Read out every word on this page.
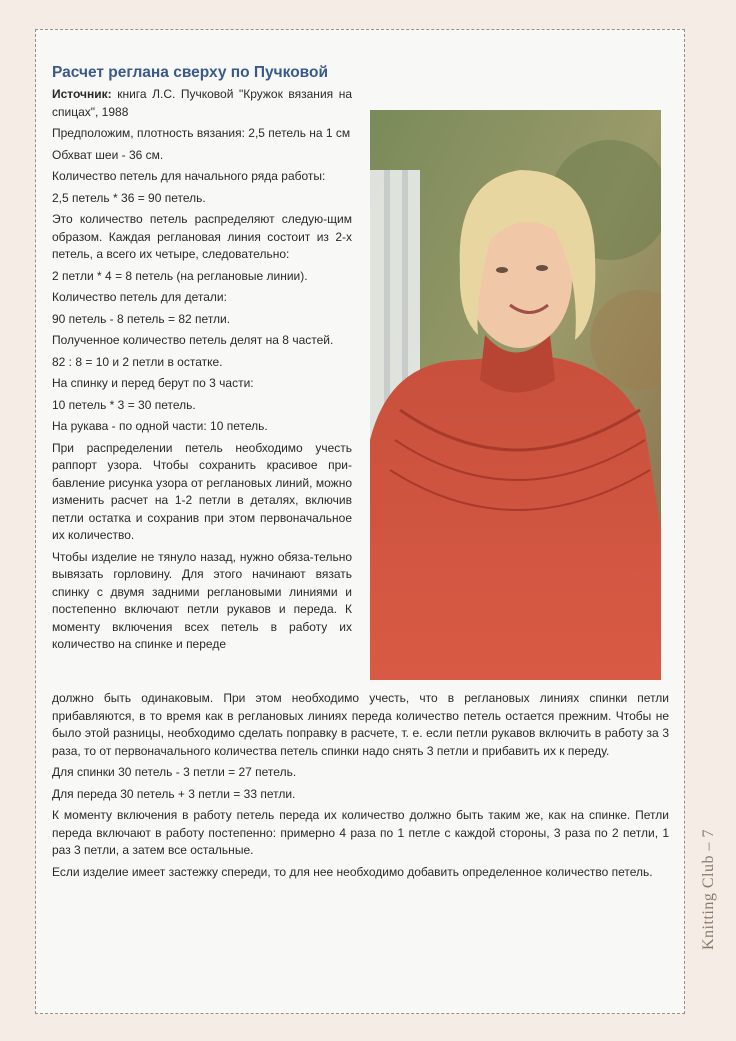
Расчет реглана сверху по Пучковой

Источник: книга Л.С. Пучковой "Кружок вязания на спицах", 1988

Предположим, плотность вязания: 2,5 петель на 1 см

Обхват шеи - 36 см.

Количество петель для начального ряда работы:

2,5 петель * 36 = 90 петель.

Это количество петель распределяют следую-щим образом. Каждая реглановая линия состоит из 2-х петель, а всего их четыре, следовательно:

2 петли * 4 = 8 петель (на реглановые линии).

Количество петель для детали:

90 петель - 8 петель = 82 петли.

Полученное количество петель делят на 8 частей.

82 : 8 = 10 и 2 петли в остатке.

На спинку и перед берут по 3 части:

10 петель * 3 = 30 петель.

На рукава - по одной части: 10 петель.

При распределении петель необходимо учесть раппорт узора. Чтобы сохранить красивое при-бавление рисунка узора от реглановых линий, можно изменить расчет на 1-2 петли в деталях, включив петли остатка и сохранив при этом первоначальное их количество.

Чтобы изделие не тянуло назад, нужно обяза-тельно вывязать горловину. Для этого начинают вязать спинку с двумя задними реглановыми линиями и постепенно включают петли рукавов и переда. К моменту включения всех петель в работу их количество на спинке и переде

должно быть одинаковым. При этом необходимо учесть, что в реглановых линиях спинки петли прибавляются, в то время как в реглановых линиях переда количество петель остается прежним. Чтобы не было этой разницы, необходимо сделать поправку в расчете, т. е. если петли рукавов включить в работу за 3 раза, то от первоначального количества петель спинки надо снять 3 петли и прибавить их к переду.

Для спинки 30 петель - 3 петли = 27 петель.

Для переда 30 петель + 3 петли = 33 петли.

К моменту включения в работу петель переда их количество должно быть таким же, как на спинке. Петли переда включают в работу постепенно: примерно 4 раза по 1 петле с каждой стороны, 3 раза по 2 петли, 1 раз 3 петли, а затем все остальные.

Если изделие имеет застежку спереди, то для нее необходимо добавить определенное количество петель.	Knitting Club – 7
